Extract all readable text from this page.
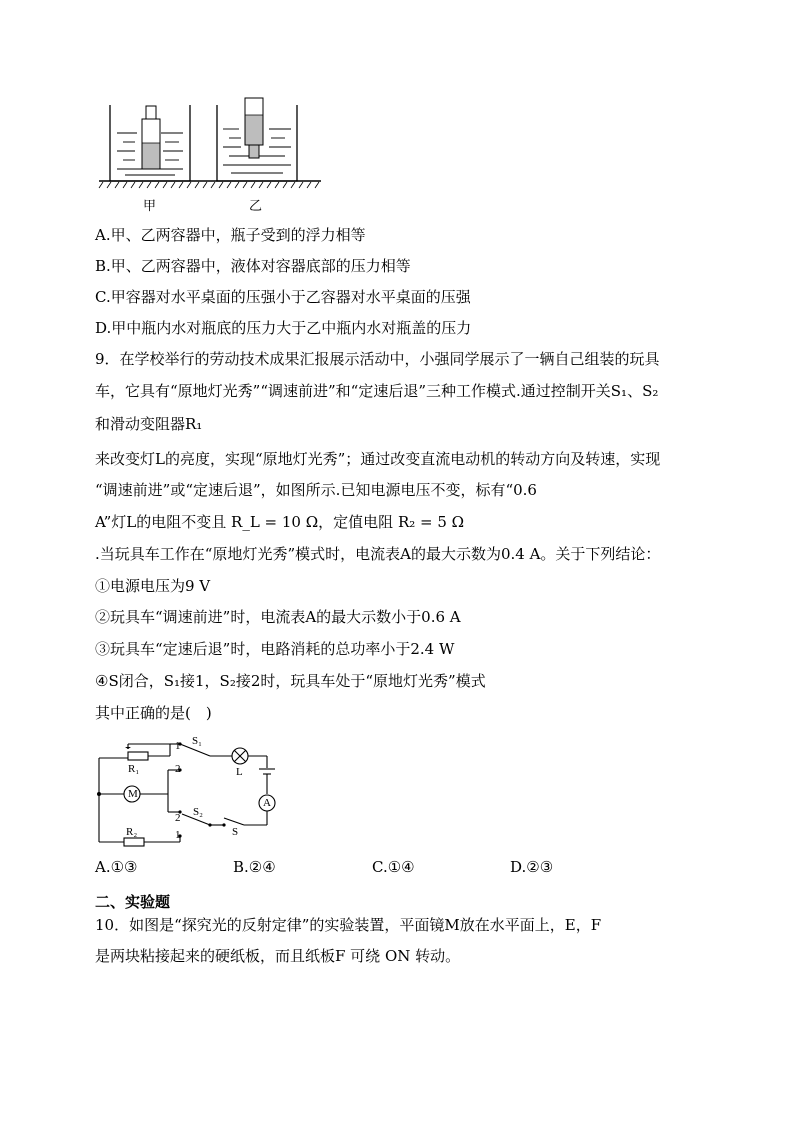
甲	乙
A.甲、乙两容器中，瓶子受到的浮力相等
B.甲、乙两容器中，液体对容器底部的压力相等
C.甲容器对水平桌面的压强小于乙容器对水平桌面的压强
D.甲中瓶内水对瓶底的压力大于乙中瓶内水对瓶盖的压力
9．在学校举行的劳动技术成果汇报展示活动中，小强同学展示了一辆自己组装的玩具
车，它具有“原地灯光秀”“调速前进”和“定速后退”三种工作模式.通过控制开关S₁、S₂
和滑动变阻器R₁
来改变灯L的亮度，实现“原地灯光秀”；通过改变直流电动机的转动方向及转速，实现
“调速前进”或“定速后退”，如图所示.已知电源电压不变，标有“0.6
A”灯L的电阻不变且 R_L = 10 Ω，定值电阻 R₂ = 5 Ω
.当玩具车工作在“原地灯光秀”模式时，电流表A的最大示数为0.4 A。关于下列结论：
①电源电压为9 V
②玩具车“调速前进”时，电流表A的最大示数小于0.6 A
③玩具车“定速后退”时，电路消耗的总功率小于2.4 W
④S闭合，S₁接1，S₂接2时，玩具车处于“原地灯光秀”模式
其中正确的是(　)
S₁
1
L
R₁	2
M
A
S₂
2
R₂	S
1
A.①③	B.②④	C.①④	D.②③
二、实验题
10．如图是“探究光的反射定律”的实验装置，平面镜M放在水平面上，E，F
是两块粘接起来的硬纸板，而且纸板F 可绕 ON 转动。
